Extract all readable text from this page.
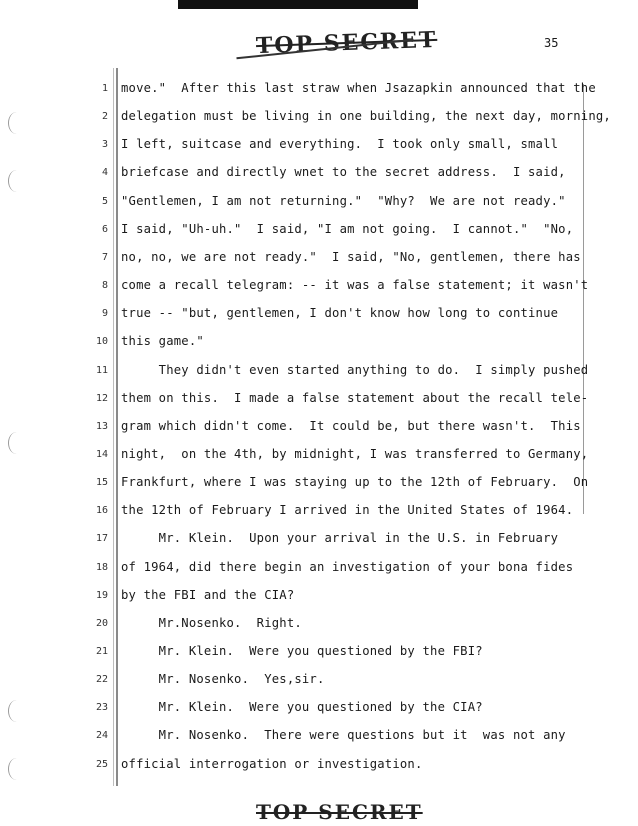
TOP SECRET	35
1 move."  After this last straw when Jsazapkin announced that the
2 delegation must be living in one building, the next day, morning,
3 I left, suitcase and everything.  I took only small, small
4 briefcase and directly wnet to the secret address.  I said,
5 "Gentlemen, I am not returning."  "Why?  We are not ready."
6 I said, "Uh-uh."  I said, "I am not going.  I cannot."  "No,
7 no, no, we are not ready."  I said, "No, gentlemen, there has
8 come a recall telegram: -- it was a false statement; it wasn't
9 true -- "but, gentlemen, I don't know how long to continue
10 this game."
11 They didn't even started anything to do.  I simply pushed
12 them on this.  I made a false statement about the recall tele-
13 gram which didn't come.  It could be, but there wasn't.  This
14 night,  on the 4th, by midnight, I was transferred to Germany,
15 Frankfurt, where I was staying up to the 12th of February.  On
16 the 12th of February I arrived in the United States of 1964.
17 Mr. Klein.  Upon your arrival in the U.S. in February
18 of 1964, did there begin an investigation of your bona fides
19 by the FBI and the CIA?
20 Mr.Nosenko.  Right.
21 Mr. Klein.  Were you questioned by the FBI?
22 Mr. Nosenko.  Yes,sir.
23 Mr. Klein.  Were you questioned by the CIA?
24 Mr. Nosenko.  There were questions but it  was not any
25 official interrogation or investigation.
TOP SECRET
